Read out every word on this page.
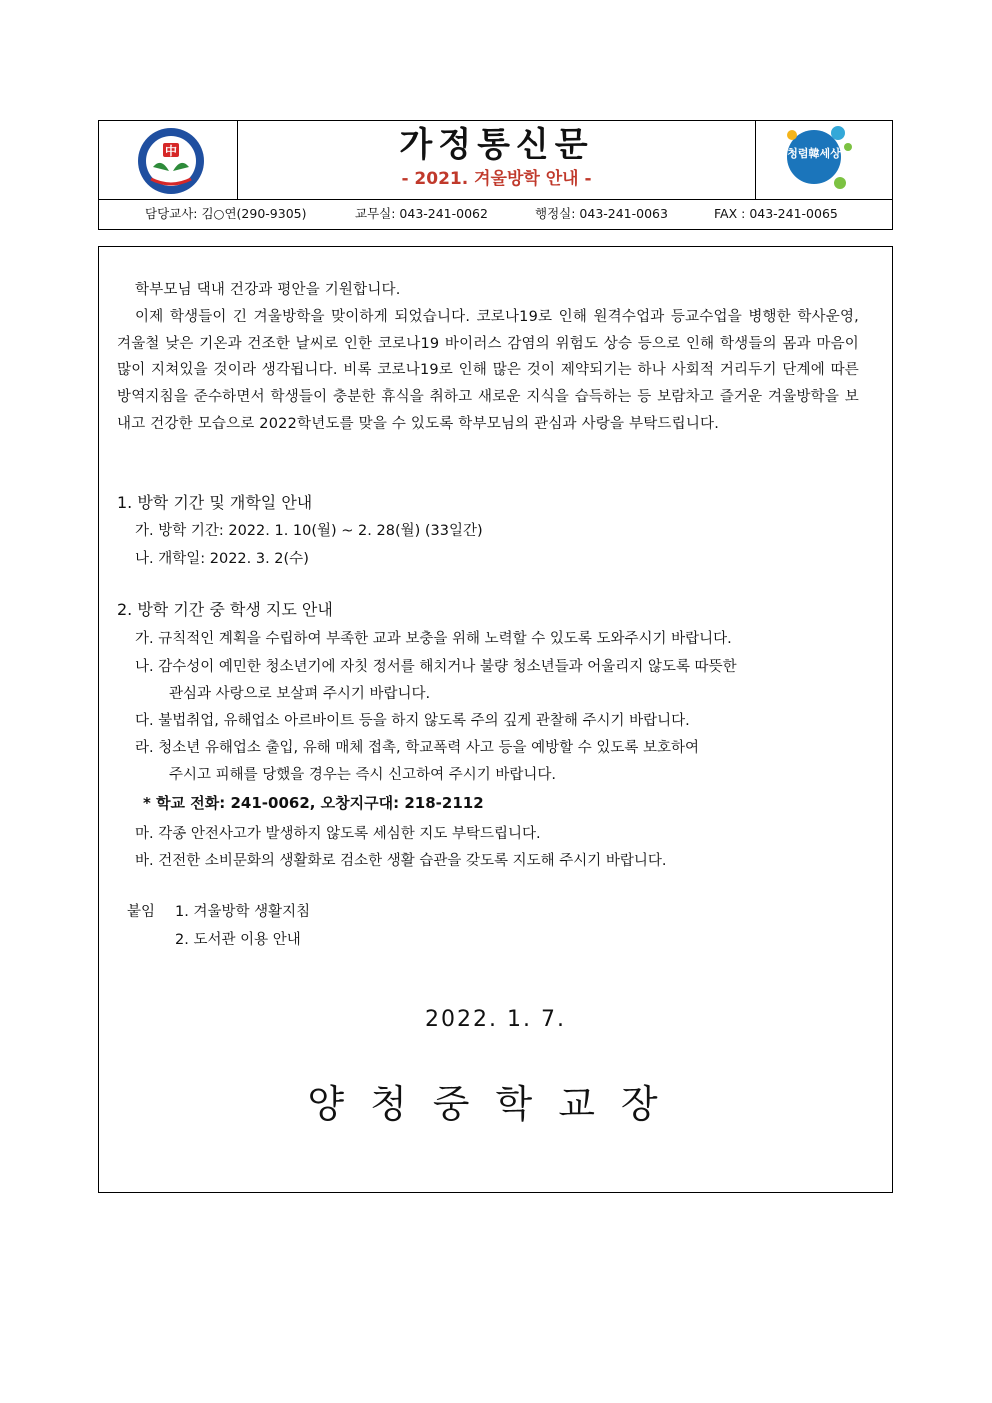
中	가정통신문
- 2021. 겨울방학 안내 -
청렴韓세상
담당교사: 김○연(290-9305)	교무실: 043-241-0062	행정실: 043-241-0063	FAX : 043-241-0065

학부모님 댁내 건강과 평안을 기원합니다.

이제 학생들이 긴 겨울방학을 맞이하게 되었습니다. 코로나19로 인해 원격수업과 등교수업을 병행한 학사운영, 겨울철 낮은 기온과 건조한 날씨로 인한 코로나19 바이러스 감염의 위험도 상승 등으로 인해 학생들의 몸과 마음이 많이 지쳐있을 것이라 생각됩니다. 비록 코로나19로 인해 많은 것이 제약되기는 하나 사회적 거리두기 단계에 따른 방역지침을 준수하면서 학생들이 충분한 휴식을 취하고 새로운 지식을 습득하는 등 보람차고 즐거운 겨울방학을 보내고 건강한 모습으로 2022학년도를 맞을 수 있도록 학부모님의 관심과 사랑을 부탁드립니다.

1. 방학 기간 및 개학일 안내
가. 방학 기간: 2022. 1. 10(월) ~ 2. 28(월) (33일간)
나. 개학일: 2022. 3. 2(수)
2. 방학 기간 중 학생 지도 안내
가. 규칙적인 계획을 수립하여 부족한 교과 보충을 위해 노력할 수 있도록 도와주시기 바랍니다.
나. 감수성이 예민한 청소년기에 자칫 정서를 해치거나 불량 청소년들과 어울리지 않도록 따뜻한
관심과 사랑으로 보살펴 주시기 바랍니다.
다. 불법취업, 유해업소 아르바이트 등을 하지 않도록 주의 깊게 관찰해 주시기 바랍니다.
라. 청소년 유해업소 출입, 유해 매체 접촉, 학교폭력 사고 등을 예방할 수 있도록 보호하여
주시고 피해를 당했을 경우는 즉시 신고하여 주시기 바랍니다.
* 학교 전화: 241-0062, 오창지구대: 218-2112
마. 각종 안전사고가 발생하지 않도록 세심한 지도 부탁드립니다.
바. 건전한 소비문화의 생활화로 검소한 생활 습관을 갖도록 지도해 주시기 바랍니다.
붙임 1. 겨울방학 생활지침
2. 도서관 이용 안내
2022. 1. 7.
양청중학교장
